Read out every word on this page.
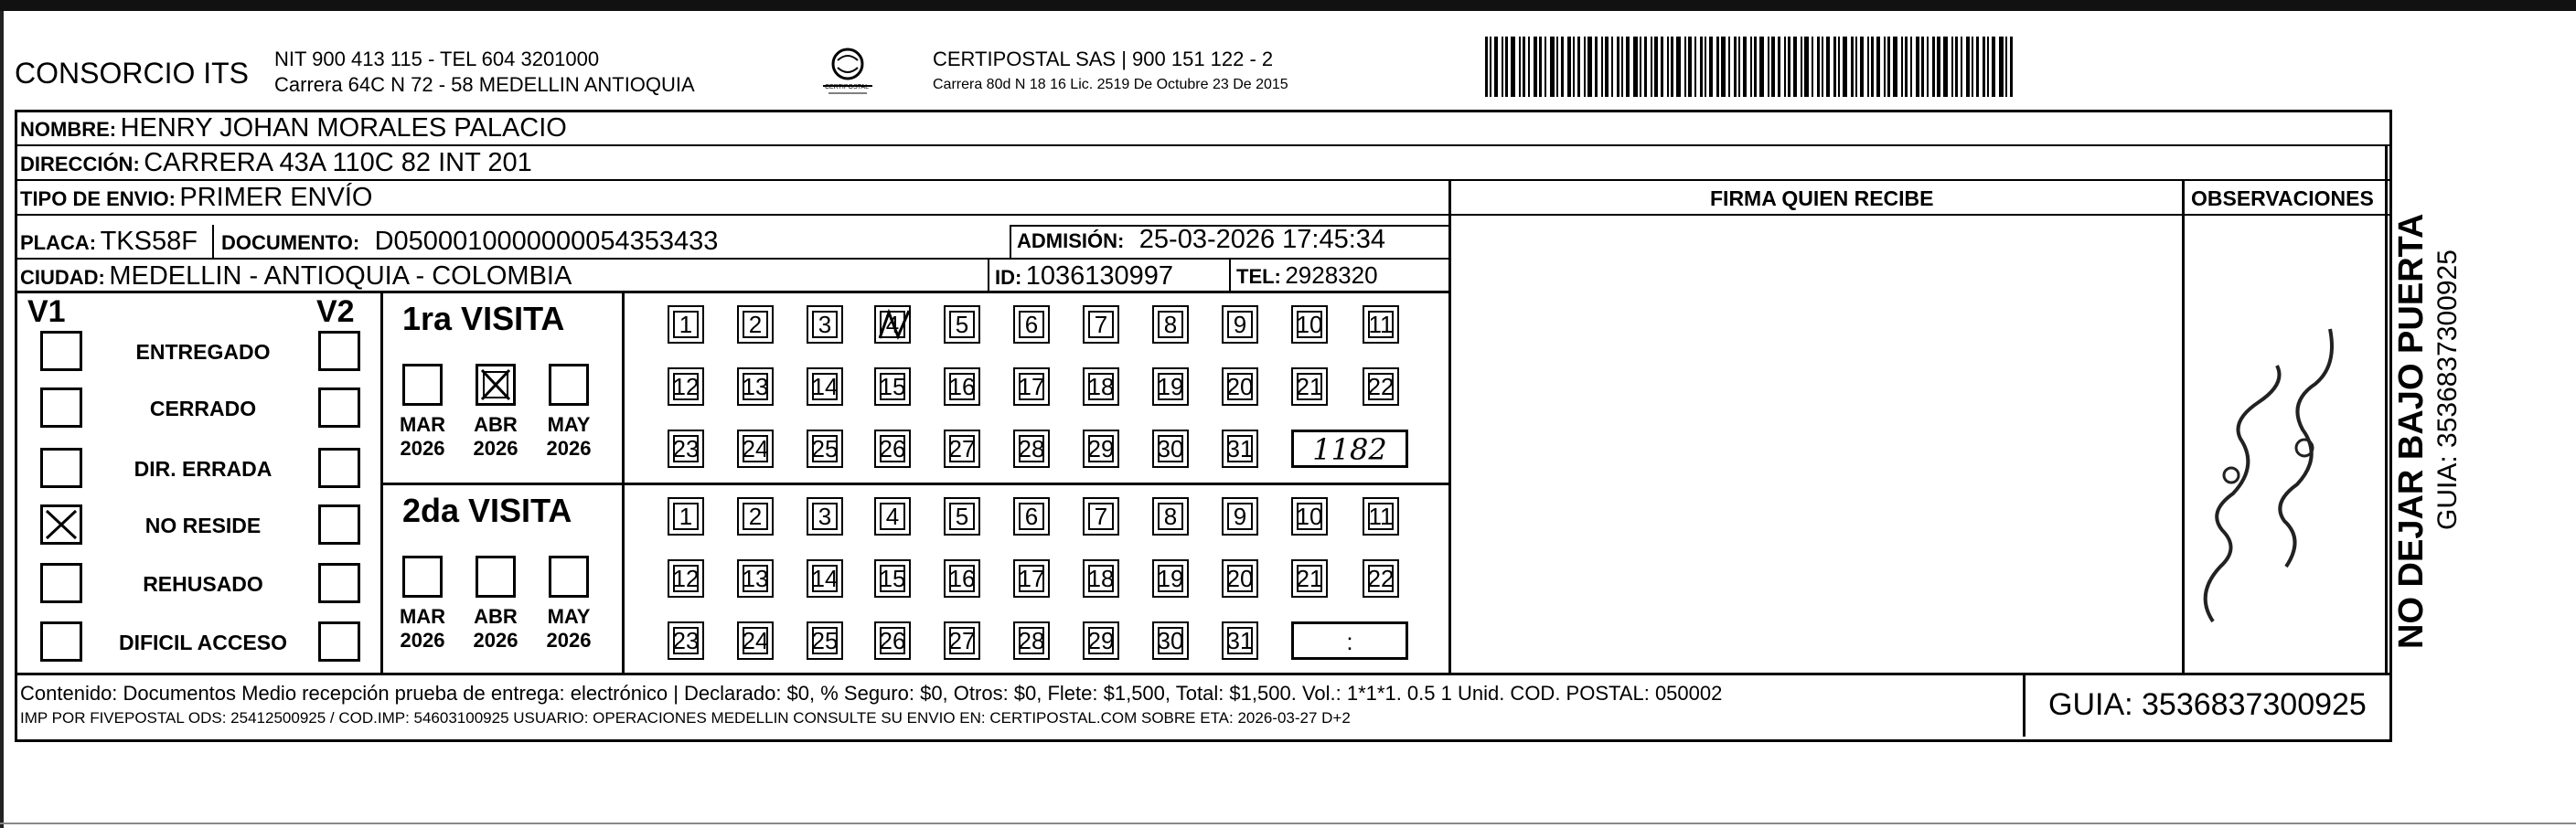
CONSORCIO ITS NIT 900 413 115 - TEL 604 3201000
Carrera 64C N 72 - 58 MEDELLIN ANTIOQUIA	CERTIPOSTAL
CERTIPOSTAL SAS | 900 151 122 - 2
Carrera 80d N 18 16 Lic. 2519 De Octubre 23 De 2015
NOMBRE: HENRY JOHAN MORALES PALACIO
DIRECCIÓN: CARRERA 43A 110C 82 INT 201
TIPO DE ENVIO: PRIMER ENVÍO
PLACA: TKS58F DOCUMENTO: D0500010000000054353433	ADMISIÓN: 25-03-2026 17:45:34
CIUDAD: MEDELLIN - ANTIOQUIA - COLOMBIA	ID: 1036130997	TEL: 2928320
FIRMA QUIEN RECIBE	OBSERVACIONES
V1	V2
ENTREGADO
CERRADO
DIR. ERRADA
NO RESIDE
REHUSADO
DIFICIL ACCESO
1ra VISITA
2da VISITA
MAR
2026
ABR
2026
MAY
2026
MAR
2026
ABR
2026
MAY
2026
1 2 3 4 5 6 7 8 9 10 11
12 13 14 15 16 17 18 19 20 21 22
23 24 25 26 27 28 29 30 31	1182
1 2 3 4 5 6 7 8 9 10 11
12 13 14 15 16 17 18 19 20 21 22
23 24 25 26 27 28 29 30 31	:	NO DEJAR BAJO PUERTA GUIA: 3536837300925
Contenido: Documentos Medio recepción prueba de entrega: electrónico | Declarado: $0, % Seguro: $0, Otros: $0, Flete: $1,500, Total: $1,500. Vol.: 1*1*1. 0.5 1 Unid. COD. POSTAL: 050002
IMP POR FIVEPOSTAL ODS: 25412500925 / COD.IMP: 54603100925 USUARIO: OPERACIONES MEDELLIN CONSULTE SU ENVIO EN: CERTIPOSTAL.COM SOBRE ETA: 2026-03-27 D+2	GUIA: 3536837300925
